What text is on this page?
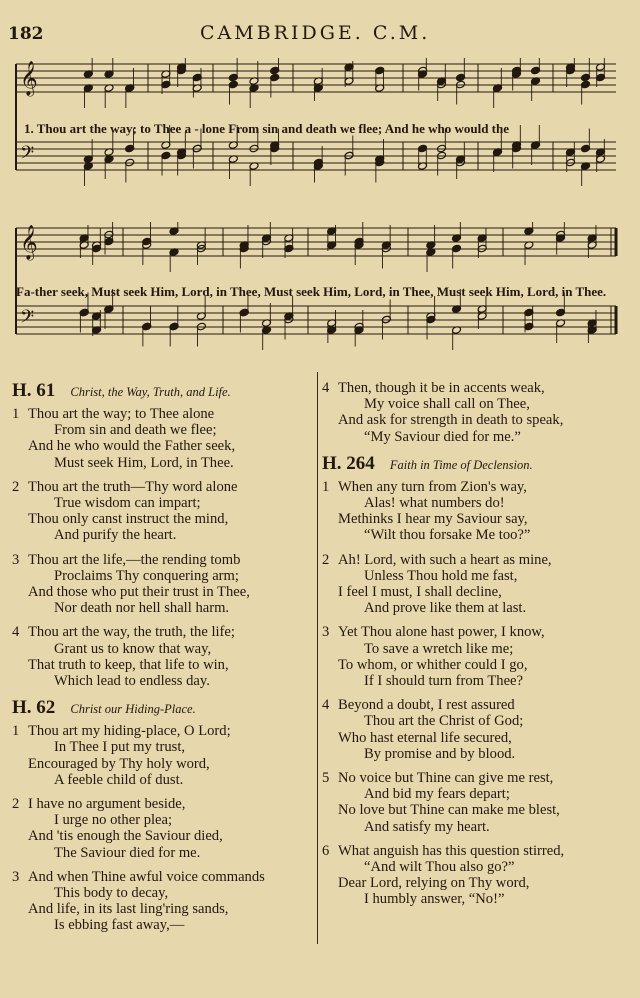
182	CAMBRIDGE. C.M.
𝄞
𝄢
1. Thou art the way; to Thee a - lone From sin and death we flee; And he who would the
𝄞
𝄢
Fa-ther seek, Must seek Him, Lord, in Thee, Must seek Him, Lord, in Thee, Must seek Him, Lord, in Thee.
H. 61 Christ, the Way, Truth, and Life.
1 Thou art the way; to Thee alone
From sin and death we flee;
And he who would the Father seek,
Must seek Him, Lord, in Thee.
2 Thou art the truth—Thy word alone
True wisdom can impart;
Thou only canst instruct the mind,
And purify the heart.
3 Thou art the life,—the rending tomb
Proclaims Thy conquering arm;
And those who put their trust in Thee,
Nor death nor hell shall harm.
4 Thou art the way, the truth, the life;
Grant us to know that way,
That truth to keep, that life to win,
Which lead to endless day.
H. 62 Christ our Hiding-Place.
1 Thou art my hiding-place, O Lord;
In Thee I put my trust,
Encouraged by Thy holy word,
A feeble child of dust.
2 I have no argument beside,
I urge no other plea;
And 'tis enough the Saviour died,
The Saviour died for me.
3 And when Thine awful voice commands
This body to decay,
And life, in its last ling'ring sands,
Is ebbing fast away,—
4 Then, though it be in accents weak,
My voice shall call on Thee,
And ask for strength in death to speak,
“My Saviour died for me.”
H. 264 Faith in Time of Declension.
1 When any turn from Zion's way,
Alas! what numbers do!
Methinks I hear my Saviour say,
“Wilt thou forsake Me too?”
2 Ah! Lord, with such a heart as mine,
Unless Thou hold me fast,
I feel I must, I shall decline,
And prove like them at last.
3 Yet Thou alone hast power, I know,
To save a wretch like me;
To whom, or whither could I go,
If I should turn from Thee?
4 Beyond a doubt, I rest assured
Thou art the Christ of God;
Who hast eternal life secured,
By promise and by blood.
5 No voice but Thine can give me rest,
And bid my fears depart;
No love but Thine can make me blest,
And satisfy my heart.
6 What anguish has this question stirred,
“And wilt Thou also go?”
Dear Lord, relying on Thy word,
I humbly answer, “No!”
